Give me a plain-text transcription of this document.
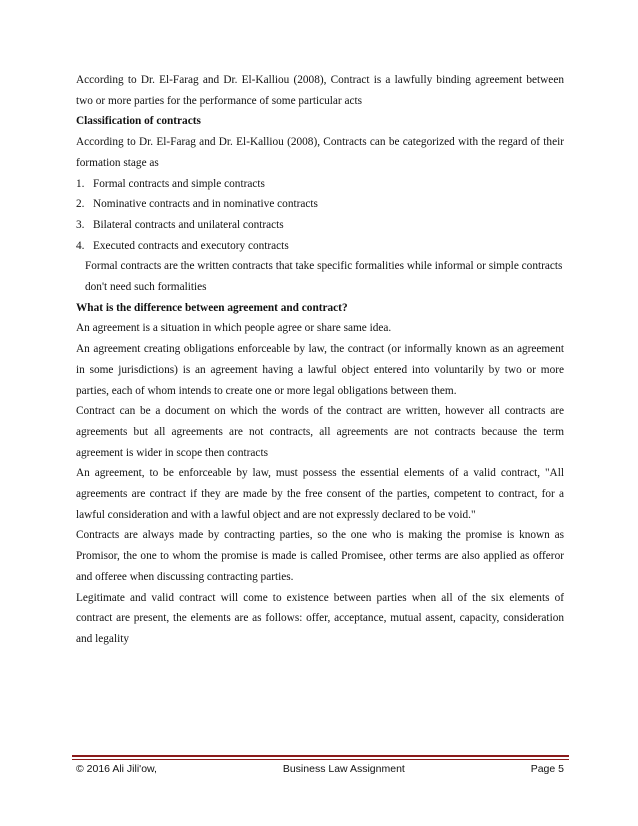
According to Dr. El-Farag and Dr. El-Kalliou (2008), Contract is a lawfully binding agreement between two or more parties for the performance of some particular acts

Classification of contracts

According to Dr. El-Farag and Dr. El-Kalliou (2008), Contracts can be categorized with the regard of their formation stage as

1. Formal contracts and simple contracts
2. Nominative contracts and in nominative contracts
3. Bilateral contracts and unilateral contracts
4. Executed contracts and executory contracts

Formal contracts are the written contracts that take specific formalities while informal or simple contracts don't need such formalities

What is the difference between agreement and contract?

An agreement is a situation in which people agree or share same idea.

An agreement creating obligations enforceable by law, the contract (or informally known as an agreement in some jurisdictions) is an agreement having a lawful object entered into voluntarily by two or more parties, each of whom intends to create one or more legal obligations between them.

Contract can be a document on which the words of the contract are written, however all contracts are agreements but all agreements are not contracts, all agreements are not contracts because the term agreement is wider in scope then contracts

An agreement, to be enforceable by law, must possess the essential elements of a valid contract, "All agreements are contract if they are made by the free consent of the parties, competent to contract, for a lawful consideration and with a lawful object and are not expressly declared to be void."

Contracts are always made by contracting parties, so the one who is making the promise is known as Promisor, the one to whom the promise is made is called Promisee, other terms are also applied as offeror and offeree when discussing contracting parties.

Legitimate and valid contract will come to existence between parties when all of the six elements of contract are present, the elements are as follows: offer, acceptance, mutual assent, capacity, consideration and legality

© 2016 Ali Jili'ow,	Business Law Assignment	Page 5
